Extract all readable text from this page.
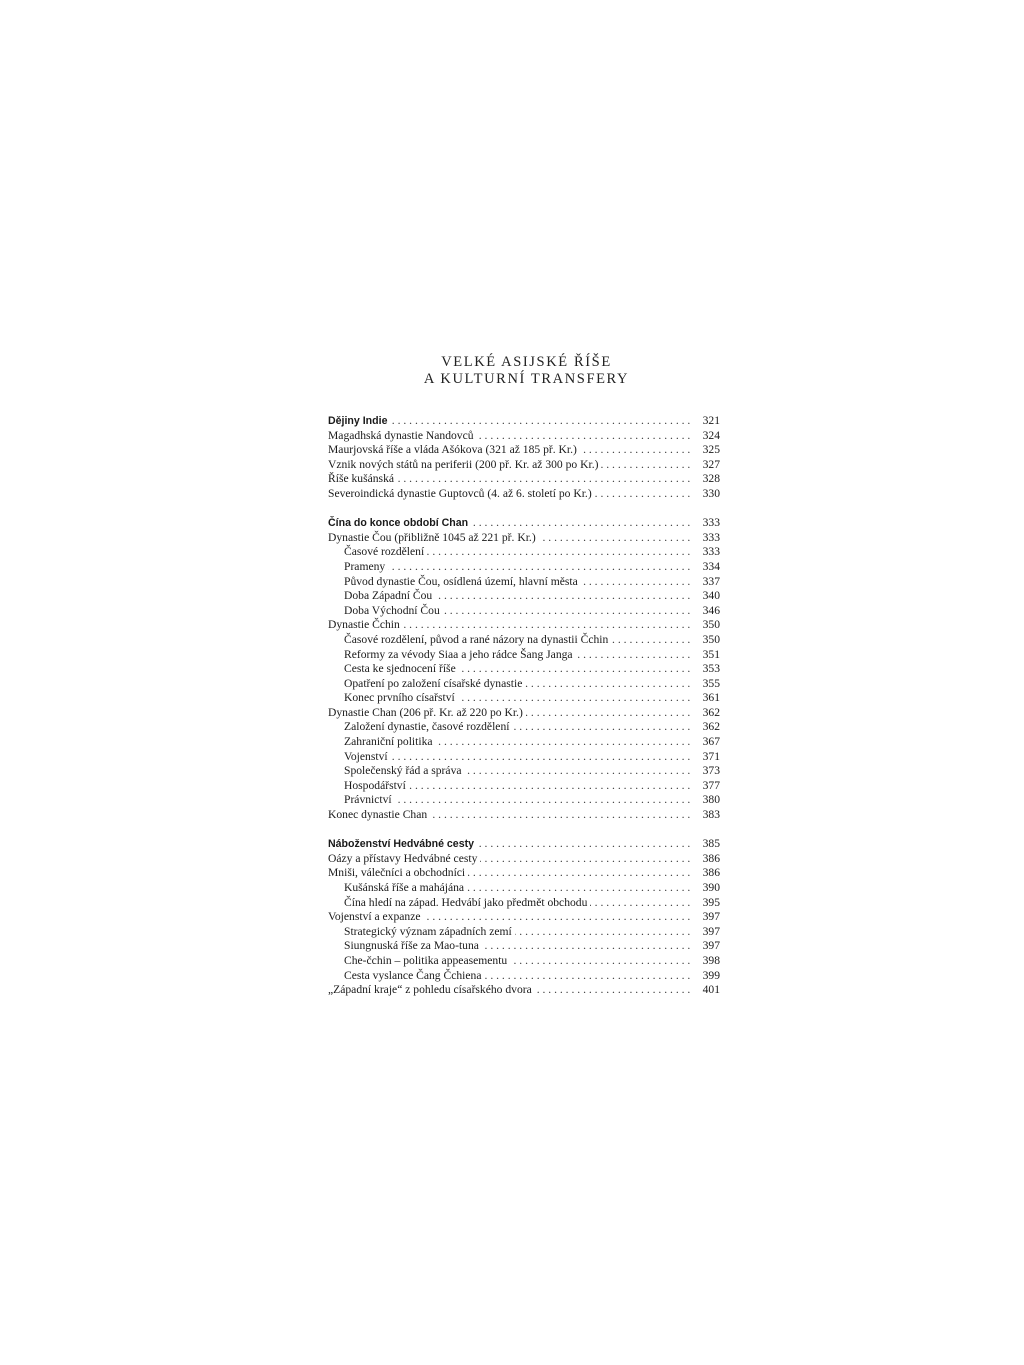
VELKÉ ASIJSKÉ ŘÍŠE
A KULTURNÍ TRANSFERY
. . .
Dějiny Indie	321
. . .
Magadhská dynastie Nandovců	324
. . .
Maurjovská říše a vláda Ašókova (321 až 185 př. Kr.)	325
. . .
Vznik nových států na periferii (200 př. Kr. až 300 po Kr.)	327
. . .
Říše kušánská	328
. . .
Severoindická dynastie Guptovců (4. až 6. století po Kr.)	330
. . .
Čína do konce období Chan	333
. . .
Dynastie Čou (přibližně 1045 až 221 př. Kr.)	333
. . .
Časové rozdělení	333
. . .
Prameny	334
. . .
Původ dynastie Čou, osídlená území, hlavní města	337
. . .
Doba Západní Čou	340
. . .
Doba Východní Čou	346
. . .
Dynastie Čchin	350
. . .
Časové rozdělení, původ a rané názory na dynastii Čchin	350
. . .
Reformy za vévody Siaa a jeho rádce Šang Janga	351
. . .
Cesta ke sjednocení říše	353
. . .
Opatření po založení císařské dynastie	355
. . .
Konec prvního císařství	361
. . .
Dynastie Chan (206 př. Kr. až 220 po Kr.)	362
. . .
Založení dynastie, časové rozdělení	362
. . .
Zahraniční politika	367
. . .
Vojenství	371
. . .
Společenský řád a správa	373
. . .
Hospodářství	377
. . .
Právnictví	380
. . .
Konec dynastie Chan	383
. . .
Náboženství Hedvábné cesty	385
. . .
Oázy a přístavy Hedvábné cesty	386
. . .
Mniši, válečníci a obchodníci	386
. . .
Kušánská říše a mahájána	390
. . .
Čína hledí na západ. Hedvábí jako předmět obchodu	395
. . .
Vojenství a expanze	397
. . .
Strategický význam západních zemí	397
. . .
Siungnuská říše za Mao-tuna	397
. . .
Che-čchin – politika appeasementu	398
. . .
Cesta vyslance Čang Čchiena	399
. . .
„Západní kraje“ z pohledu císařského dvora	401
